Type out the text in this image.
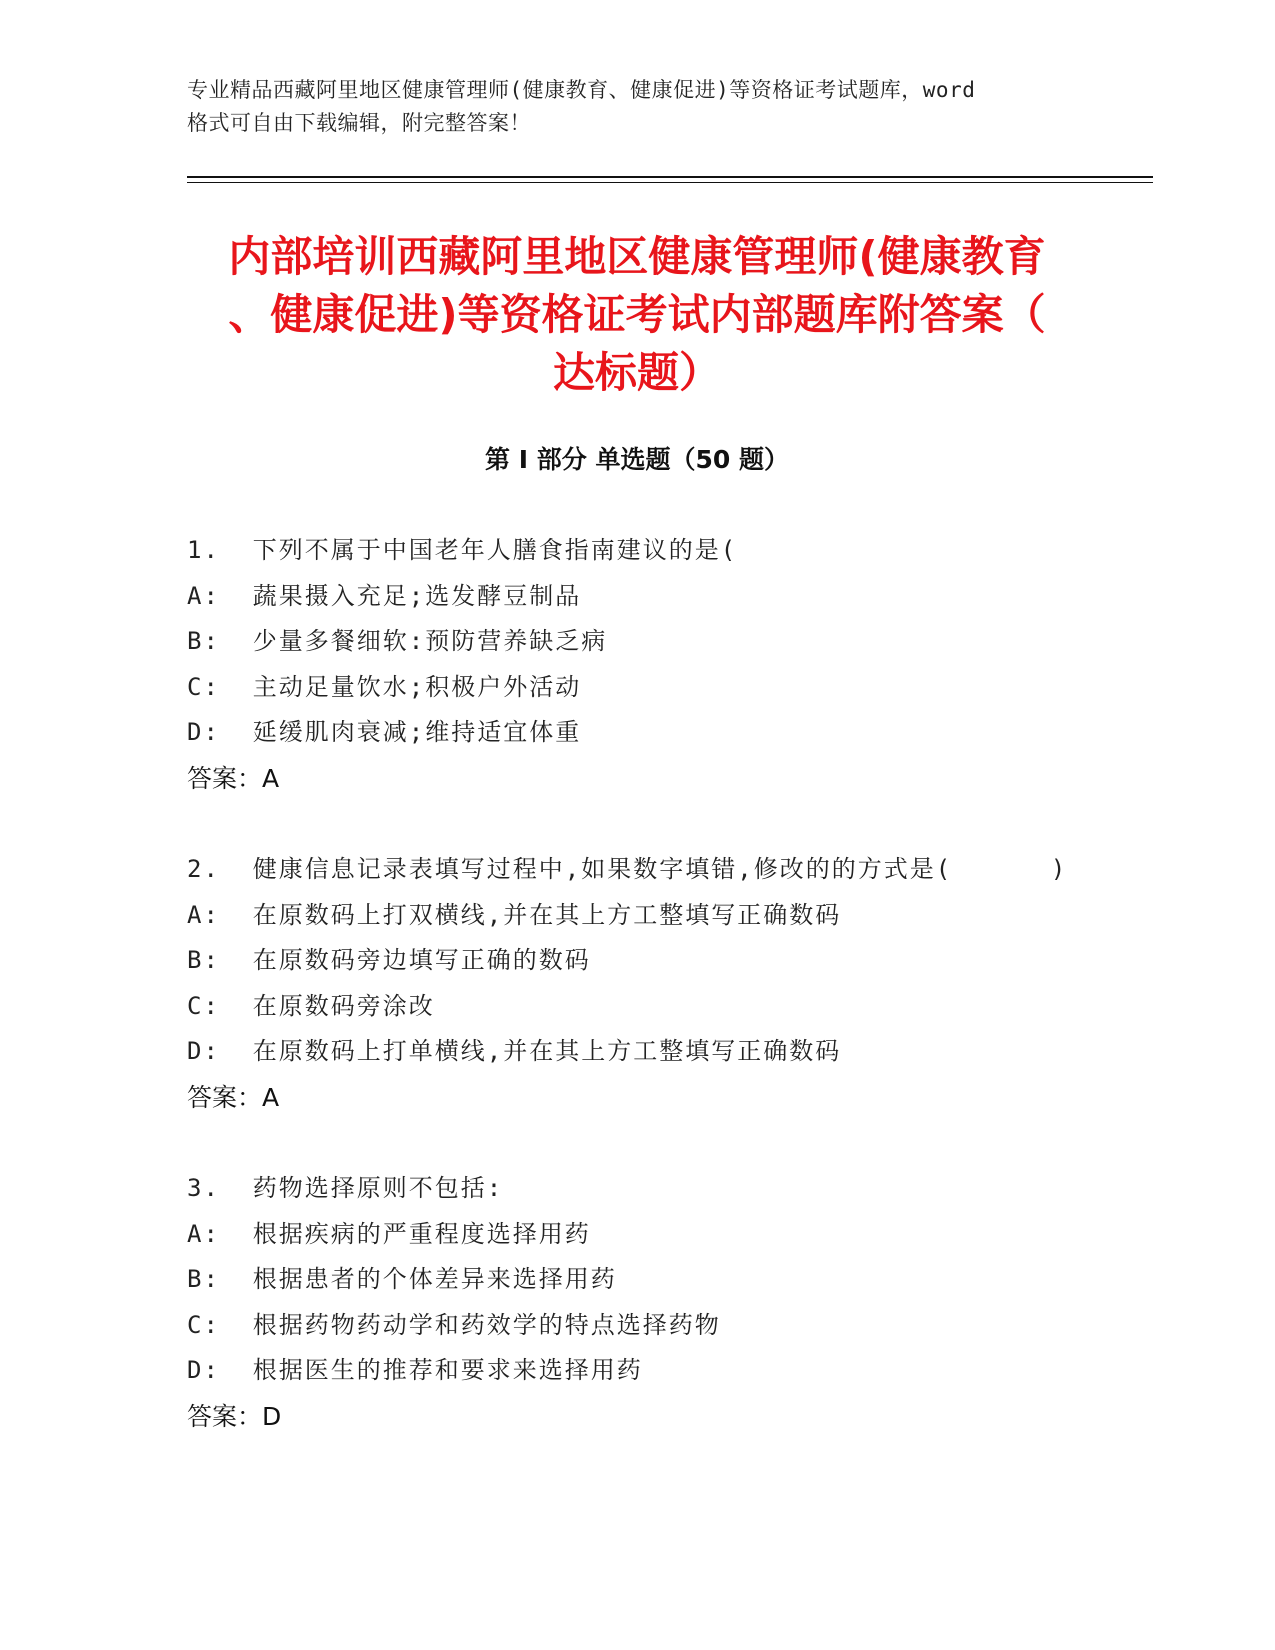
专业精品西藏阿里地区健康管理师(健康教育、健康促进)等资格证考试题库，word
格式可自由下载编辑，附完整答案！
内部培训西藏阿里地区健康管理师(健康教育
、健康促进)等资格证考试内部题库附答案（
达标题）
第 I 部分 单选题（50 题）
1.  下列不属于中国老年人膳食指南建议的是(
A:  蔬果摄入充足;选发酵豆制品
B:  少量多餐细软:预防营养缺乏病
C:  主动足量饮水;积极户外活动
D:  延缓肌肉衰减;维持适宜体重
答案：A
2.  健康信息记录表填写过程中,如果数字填错,修改的的方式是(      )
A:  在原数码上打双横线,并在其上方工整填写正确数码
B:  在原数码旁边填写正确的数码
C:  在原数码旁涂改
D:  在原数码上打单横线,并在其上方工整填写正确数码
答案：A
3.  药物选择原则不包括:
A:  根据疾病的严重程度选择用药
B:  根据患者的个体差异来选择用药
C:  根据药物药动学和药效学的特点选择药物
D:  根据医生的推荐和要求来选择用药
答案：D
